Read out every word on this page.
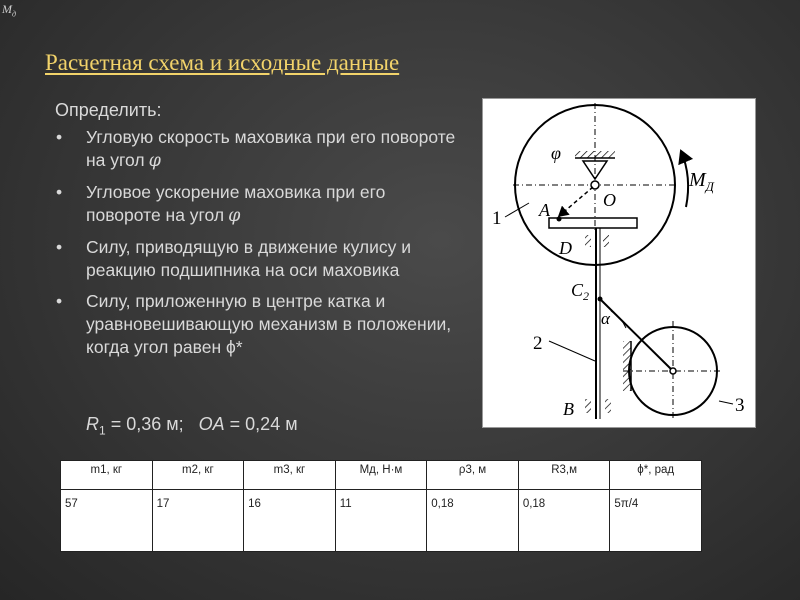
$M_д$
Расчетная схема и исходные данные
Определить:
• Угловую скорость маховика при его повороте на угол φ
• Угловое ускорение маховика при его повороте на угол φ
• Силу, приводящую в движение кулису и реакцию подшипника на оси маховика
• Силу, приложенную в центре катка и уравновешивающую механизм в положении, когда угол равен ϕ*
$R_1 = 0,36$ м; OA = 0,24 м
φ
O
A
D
$M_Д$
1
$C_2$
α
2
B	3
m1, кг	m2, кг	m3, кг	Mд, Н·м	ρ3, м	R3,м	ϕ*, рад
57	17	16	11	0,18	0,18	5π/4
